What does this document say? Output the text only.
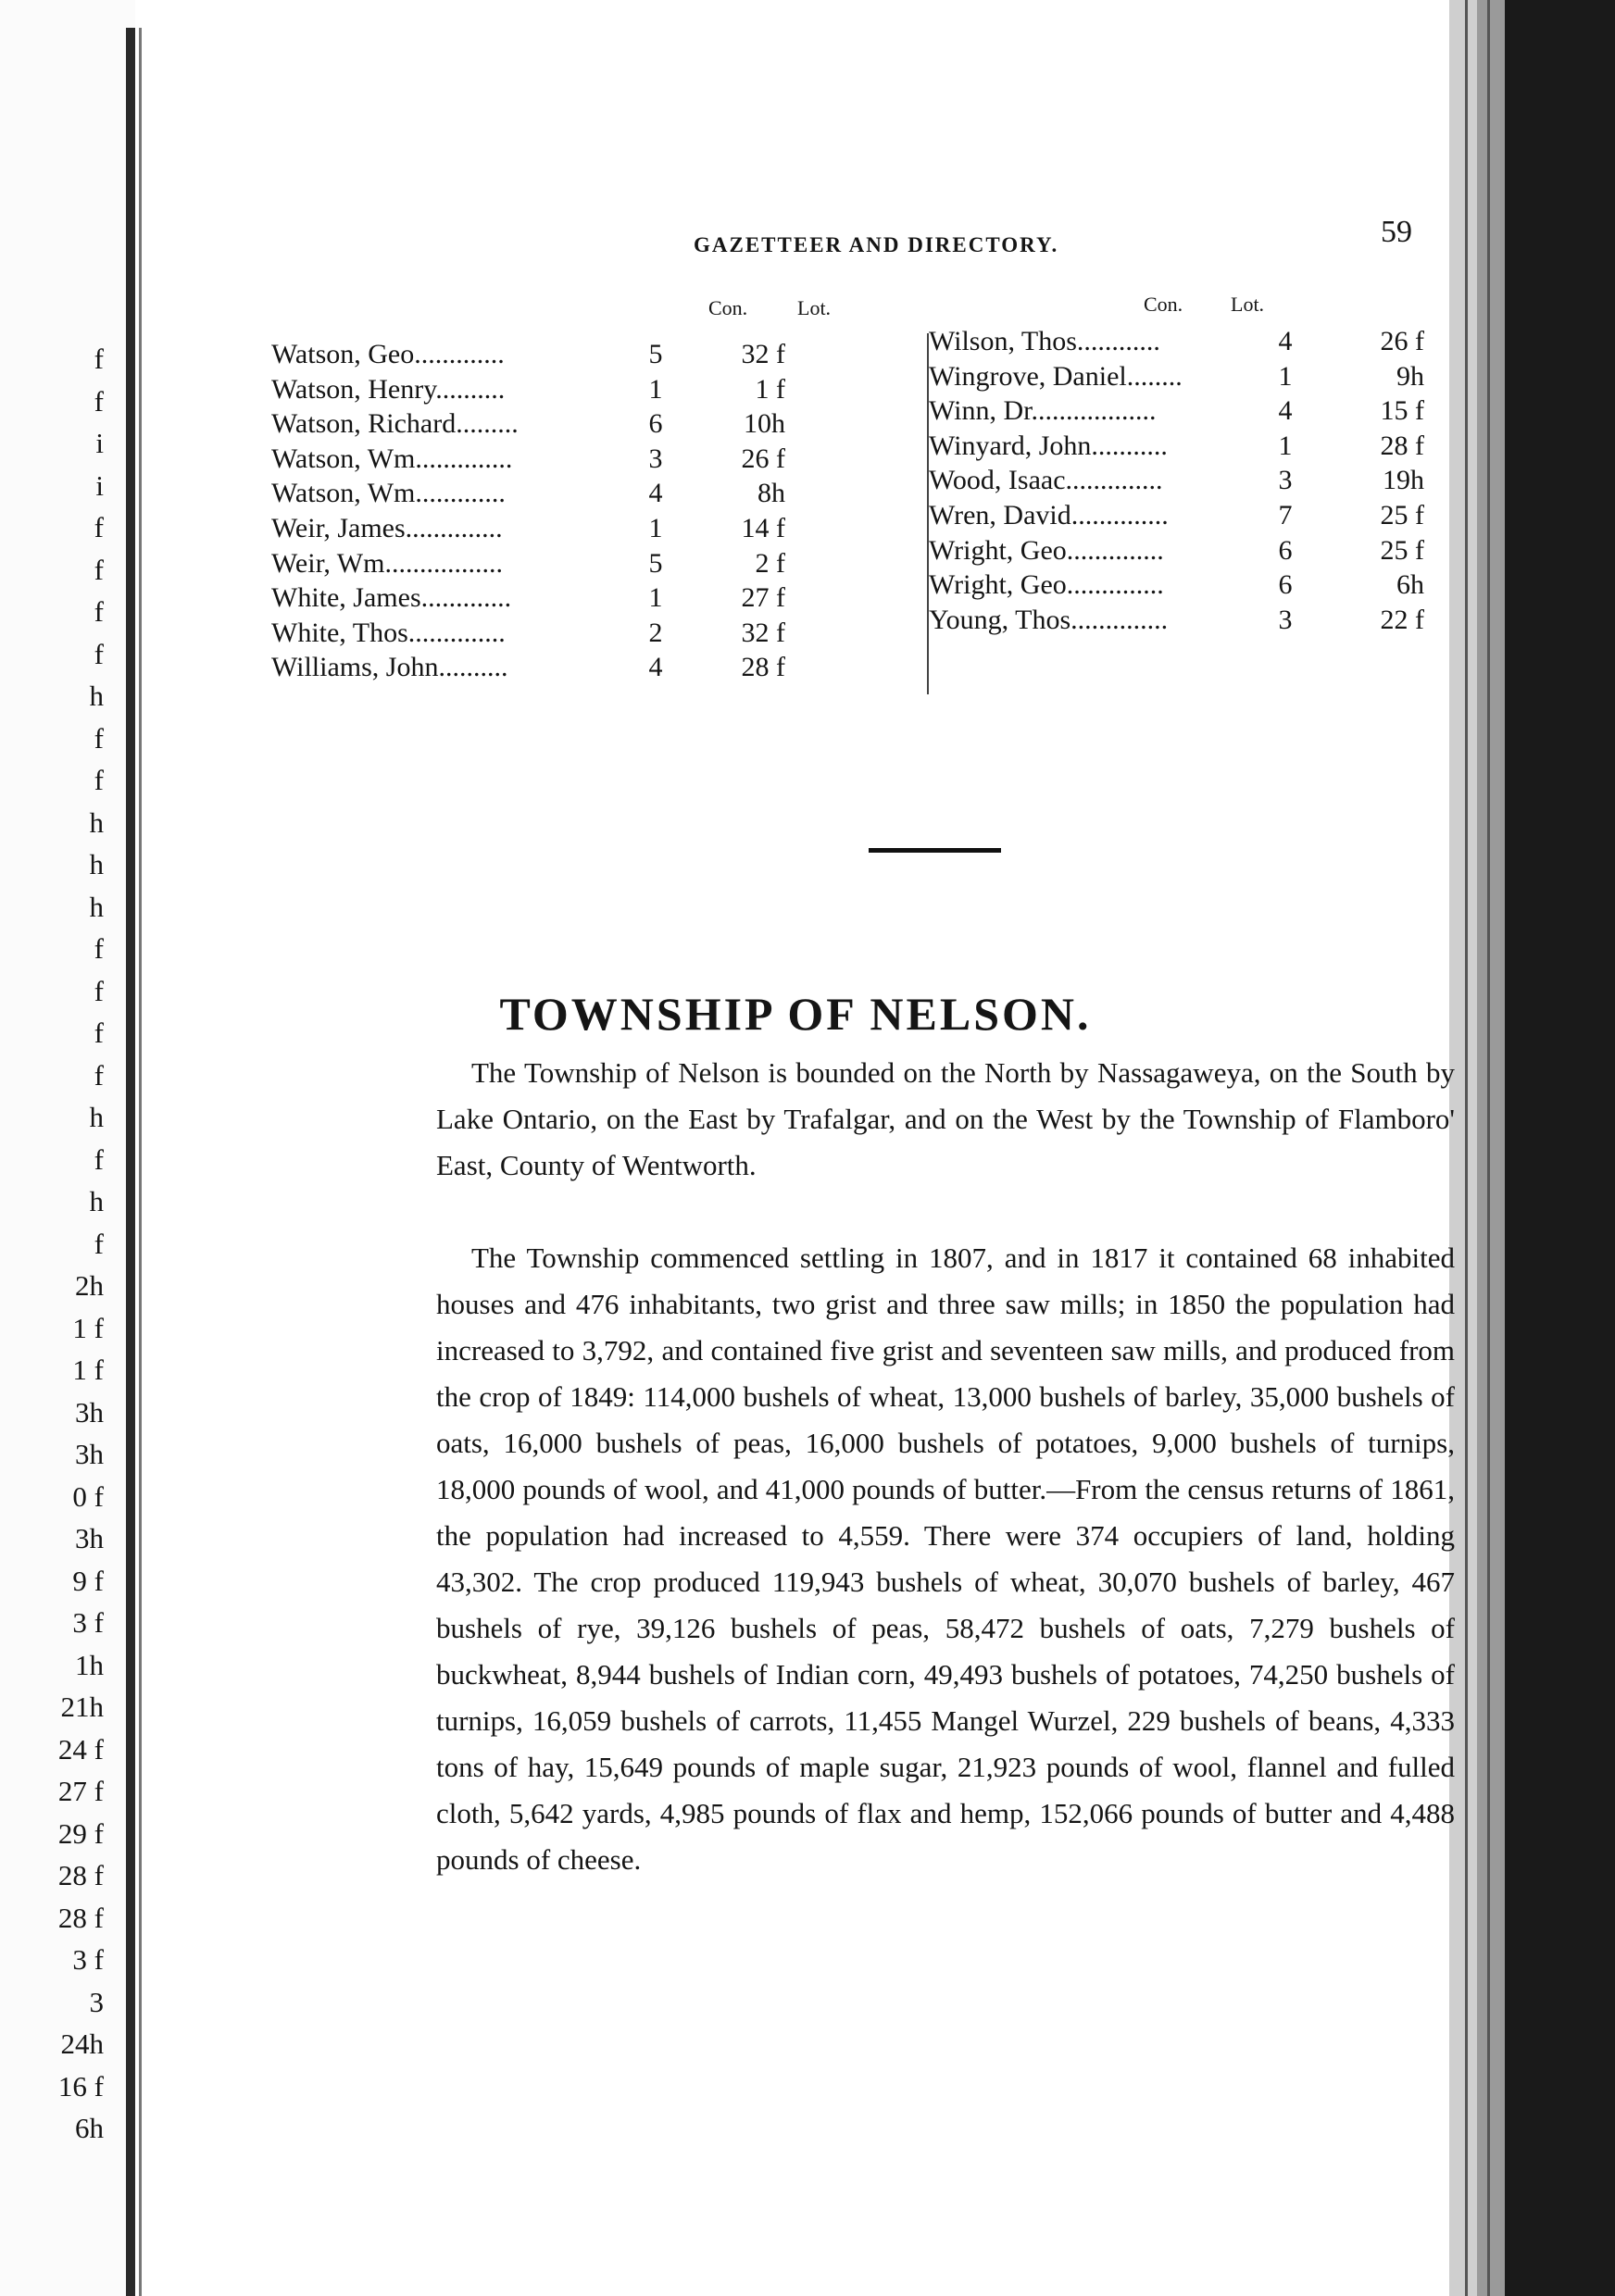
f
f
i
i
f
f
f
f
h
f
f
h
h
h
f
f
f
f
h
f
h
f
2h
1 f
1 f
3h
3h
0 f
3h
9 f
3 f
1h
21h
24 f
27 f
29 f
28 f
28 f
3 f
3
24h
16 f
6h
GAZETTEER AND DIRECTORY.	59
Con. Lot.	Con. Lot.
Watson, Geo.............	5	32 f
Watson, Henry..........	1	1 f
Watson, Richard.........	6	10h
Watson, Wm..............	3	26 f
Watson, Wm.............	4	8h
Weir, James..............	1	14 f
Weir, Wm.................	5	2 f
White, James.............	1	27 f
White, Thos..............	2	32 f
Williams, John..........	4	28 f
Wilson, Thos............	4	26 f
Wingrove, Daniel........	1	9h
Winn, Dr..................	4	15 f
Winyard, John...........	1	28 f
Wood, Isaac..............	3	19h
Wren, David..............	7	25 f
Wright, Geo..............	6	25 f
Wright, Geo..............	6	6h
Young, Thos..............	3	22 f
TOWNSHIP OF NELSON.

The Township of Nelson is bounded on the North by Nassagaweya, on the South by Lake Ontario, on the East by Trafalgar, and on the West by the Township of Flamboro' East, County of Wentworth.

The Township commenced settling in 1807, and in 1817 it contained 68 inhabited houses and 476 inhabitants, two grist and three saw mills; in 1850 the population had increased to 3,792, and contained five grist and seventeen saw mills, and produced from the crop of 1849: 114,000 bushels of wheat, 13,000 bushels of barley, 35,000 bushels of oats, 16,000 bushels of peas, 16,000 bushels of potatoes, 9,000 bushels of turnips, 18,000 pounds of wool, and 41,000 pounds of butter.—From the census returns of 1861, the population had increased to 4,559. There were 374 occupiers of land, holding 43,302. The crop produced 119,943 bushels of wheat, 30,070 bushels of barley, 467 bushels of rye, 39,126 bushels of peas, 58,472 bushels of oats, 7,279 bushels of buckwheat, 8,944 bushels of Indian corn, 49,493 bushels of potatoes, 74,250 bushels of turnips, 16,059 bushels of carrots, 11,455 Mangel Wurzel, 229 bushels of beans, 4,333 tons of hay, 15,649 pounds of maple sugar, 21,923 pounds of wool, flannel and fulled cloth, 5,642 yards, 4,985 pounds of flax and hemp, 152,066 pounds of butter and 4,488 pounds of cheese.
